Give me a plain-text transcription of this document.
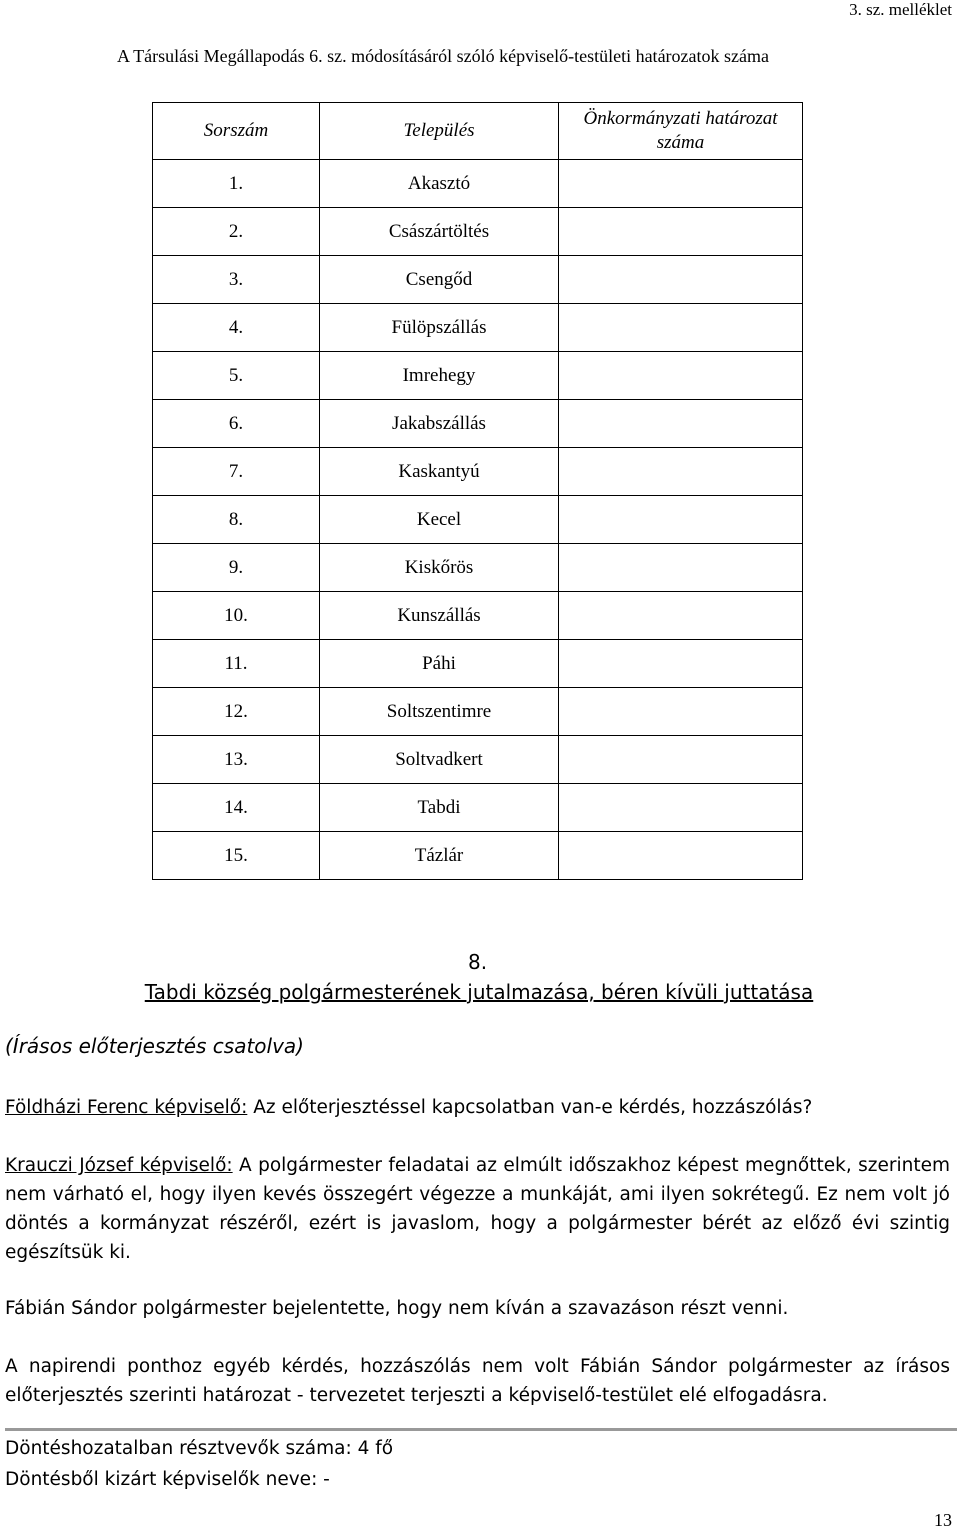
3. sz. melléklet
A Társulási Megállapodás 6. sz. módosításáról szóló képviselő-testületi határozatok száma
Sorszám	Település	Önkormányzati határozat száma
1.	Akasztó	
2.	Császártöltés	
3.	Csengőd	
4.	Fülöpszállás	
5.	Imrehegy	
6.	Jakabszállás	
7.	Kaskantyú	
8.	Kecel	
9.	Kiskőrös	
10.	Kunszállás	
11.	Páhi	
12.	Soltszentimre	
13.	Soltvadkert	
14.	Tabdi	
15.	Tázlár	
8.
Tabdi község polgármesterének jutalmazása, béren kívüli juttatása
(Írásos előterjesztés csatolva)
Földházi Ferenc képviselő: Az előterjesztéssel kapcsolatban van-e kérdés, hozzászólás?
Krauczi József képviselő: A polgármester feladatai az elmúlt időszakhoz képest megnőttek, szerintem nem várható el, hogy ilyen kevés összegért végezze a munkáját, ami ilyen sokrétegű. Ez nem volt jó döntés a kormányzat részéről, ezért is javaslom, hogy a polgármester bérét az előző évi szintig egészítsük ki.
Fábián Sándor polgármester bejelentette, hogy nem kíván a szavazáson részt venni.
A napirendi ponthoz egyéb kérdés, hozzászólás nem volt Fábián Sándor polgármester az írásos előterjesztés szerinti határozat - tervezetet terjeszti a képviselő-testület elé elfogadásra.
Döntéshozatalban résztvevők száma: 4 fő
Döntésből kizárt képviselők neve: -
13
